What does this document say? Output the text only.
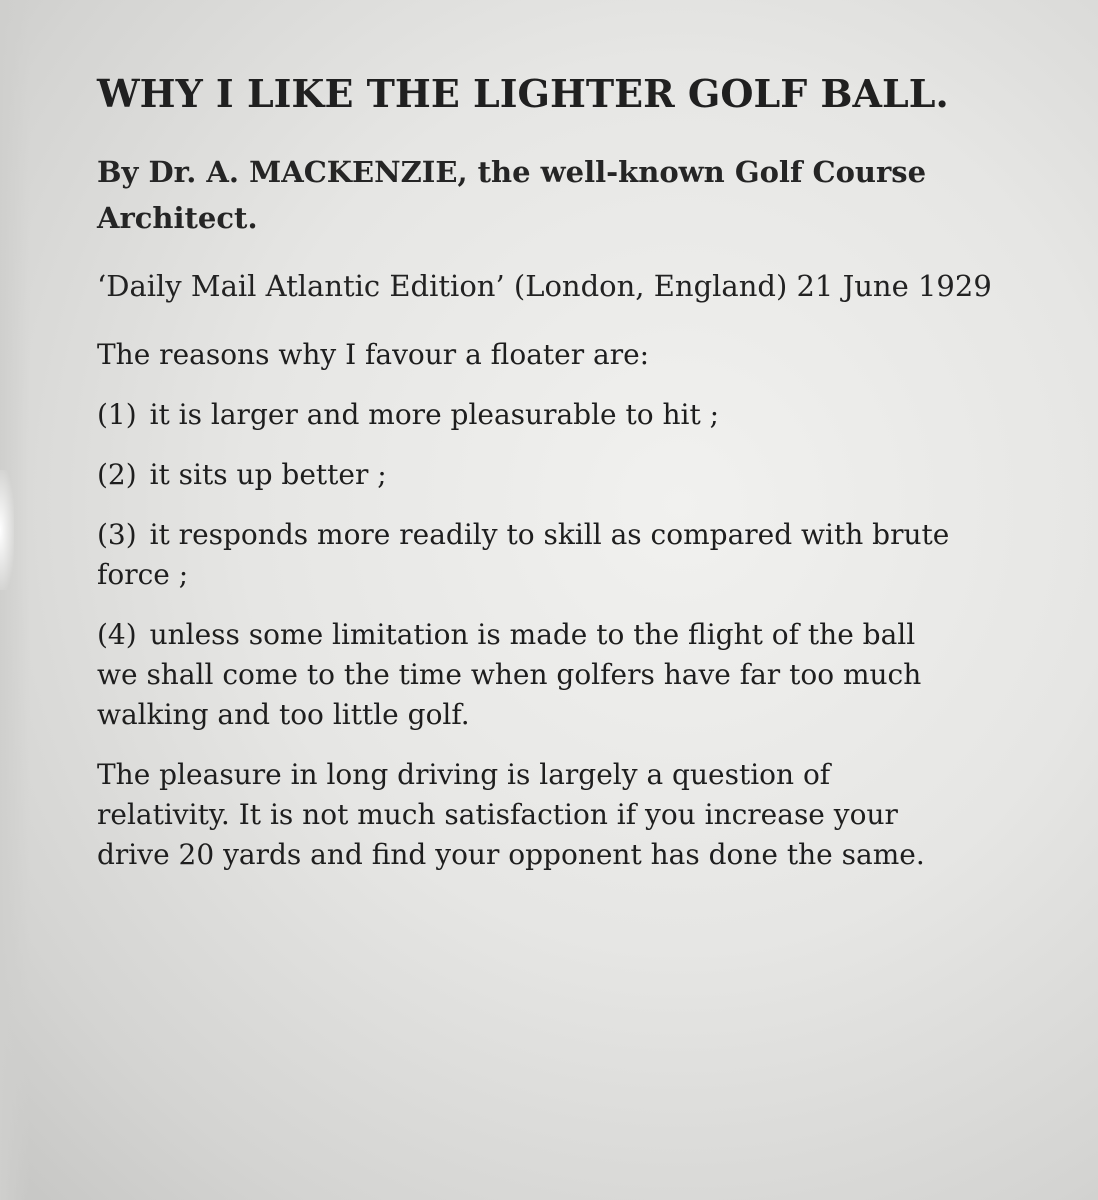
WHY I LIKE THE LIGHTER GOLF BALL.

By Dr. A. MACKENZIE, the well-known Golf Course Architect.

‘Daily Mail Atlantic Edition’ (London, England) 21 June 1929

The reasons why I favour a floater are:

(1) it is larger and more pleasurable to hit ;
(2) it sits up better ;
(3) it responds more readily to skill as compared with brute force ;
(4) unless some limitation is made to the flight of the ball we shall come to the time when golfers have far too much walking and too little golf.

The pleasure in long driving is largely a question of relativity. It is not much satisfaction if you increase your drive 20 yards and find your opponent has done the same.
